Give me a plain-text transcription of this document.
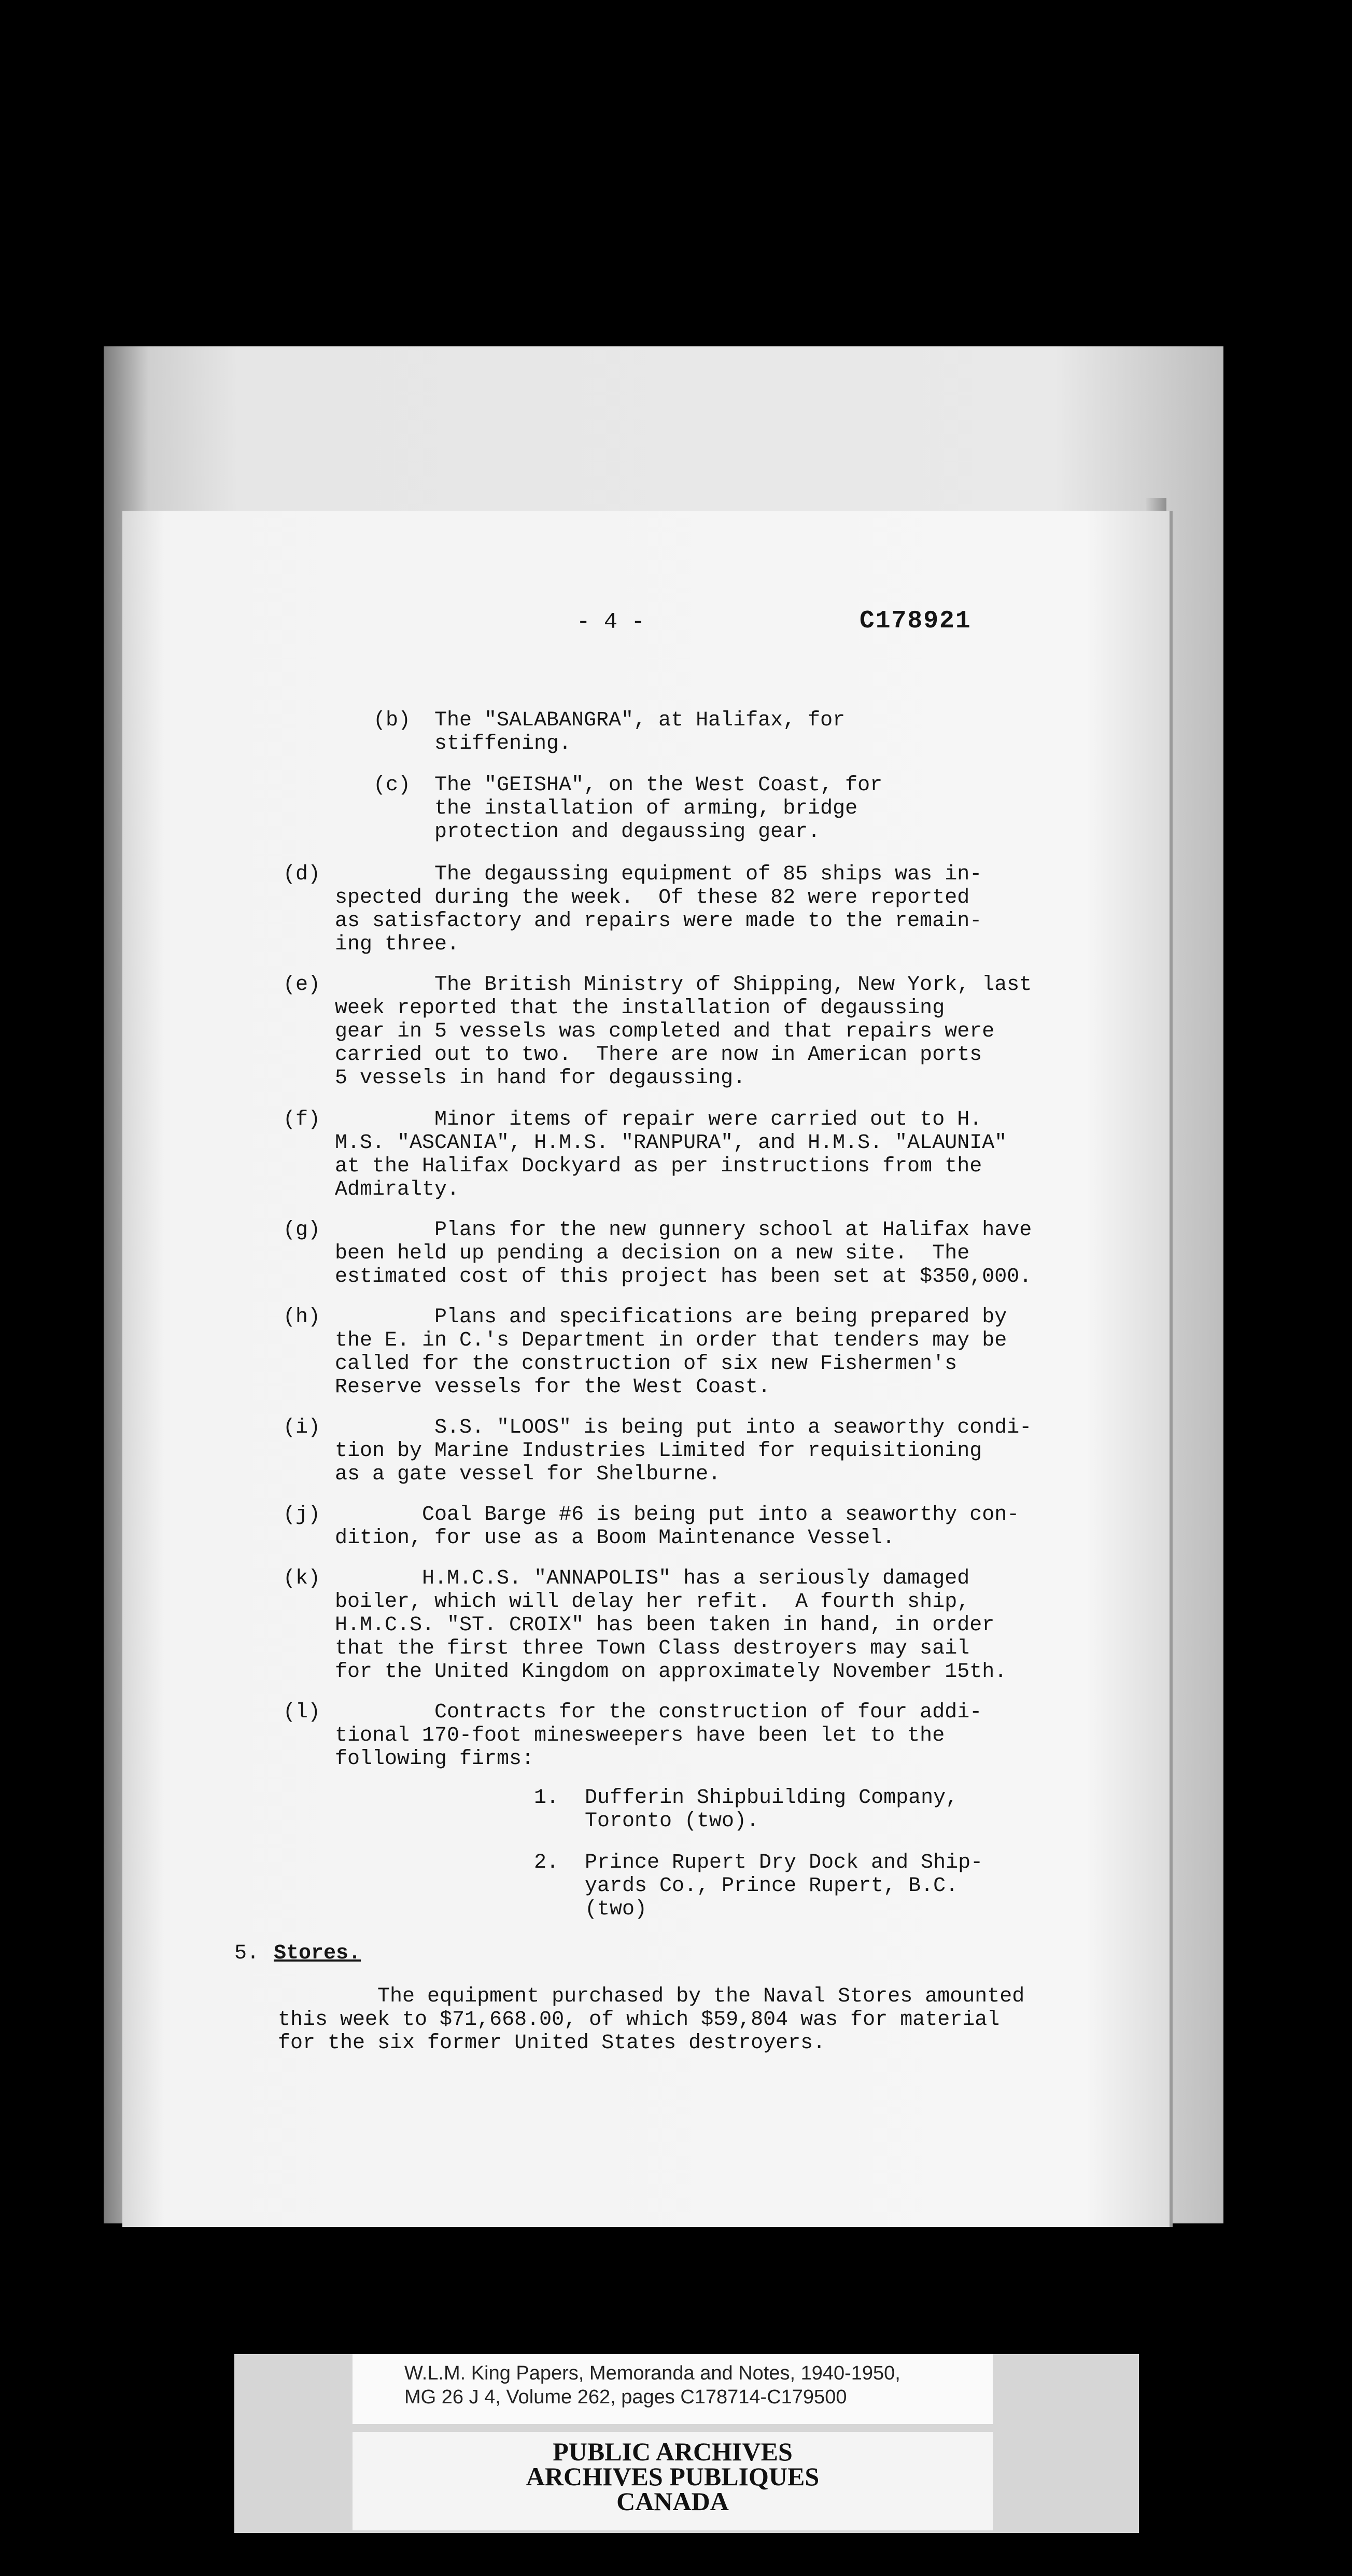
- 4 -	C178921
(b) The "SALABANGRA", at Halifax, for
stiffening.
(c) The "GEISHA", on the West Coast, for
the installation of arming, bridge
protection and degaussing gear.
(d) The degaussing equipment of 85 ships was in-
spected during the week.  Of these 82 were reported
as satisfactory and repairs were made to the remain-
ing three.
(e) The British Ministry of Shipping, New York, last
week reported that the installation of degaussing
gear in 5 vessels was completed and that repairs were
carried out to two.  There are now in American ports
5 vessels in hand for degaussing.
(f) Minor items of repair were carried out to H.
M.S. "ASCANIA", H.M.S. "RANPURA", and H.M.S. "ALAUNIA"
at the Halifax Dockyard as per instructions from the
Admiralty.
(g) Plans for the new gunnery school at Halifax have
been held up pending a decision on a new site.  The
estimated cost of this project has been set at $350,000.
(h) Plans and specifications are being prepared by
the E. in C.'s Department in order that tenders may be
called for the construction of six new Fishermen's
Reserve vessels for the West Coast.
(i) S.S. "LOOS" is being put into a seaworthy condi-
tion by Marine Industries Limited for requisitioning
as a gate vessel for Shelburne.
(j) Coal Barge #6 is being put into a seaworthy con-
dition, for use as a Boom Maintenance Vessel.
(k) H.M.C.S. "ANNAPOLIS" has a seriously damaged
boiler, which will delay her refit.  A fourth ship,
H.M.C.S. "ST. CROIX" has been taken in hand, in order
that the first three Town Class destroyers may sail
for the United Kingdom on approximately November 15th.
(l) Contracts for the construction of four addi-
tional 170-foot minesweepers have been let to the
following firms:
1. Dufferin Shipbuilding Company,
Toronto (two).
2. Prince Rupert Dry Dock and Ship-
yards Co., Prince Rupert, B.C.
(two)
5. Stores.
The equipment purchased by the Naval Stores amounted
this week to $71,668.00, of which $59,804 was for material
for the six former United States destroyers.
W.L.M. King Papers, Memoranda and Notes, 1940-1950,
MG 26 J 4, Volume 262, pages C178714-C179500
PUBLIC ARCHIVES
ARCHIVES PUBLIQUES
CANADA
